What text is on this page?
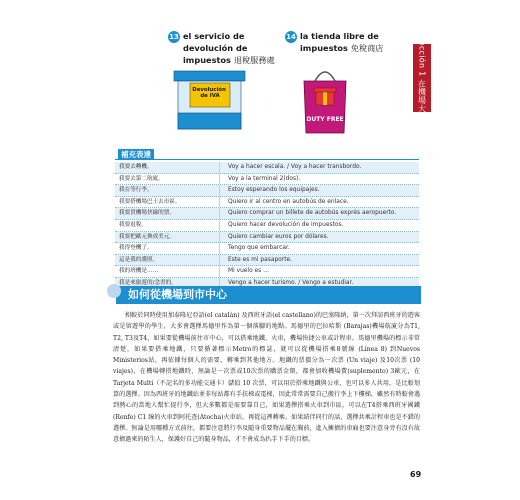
13 el servicio de devolución de impuestos 退稅服務處
14 la tienda libre de impuestos 免稅商店
Devolución de IVA
DUTY FREE	Lección 1 在機場大廳
補充表達
我要去轉機。	Voy a hacer escala. / Voy a hacer transbordo.
我要去第二航廈。	Voy a la terminal 2(dos).
我在等行李。	Estoy esperando los equipajes.
我要搭機場巴士去市區。	Quiero ir al centro en autobús de enlace.
我要買機場快線的票。	Quiero comprar un billete de autobús exprés aeropuerto.
我要退稅。	Quiero hacer devolución de impuestos.
我要把歐元換成美元。	Quiero cambiar euros por dólares.
我得登機了。	Tengo que embarcar.
這是我的護照。	Este es mi pasaporte.
我的班機是……	Mi vuelo es …
我是來旅遊的/念書的。	Vengo a hacer turismo. / Vengo a estudiar.
如何從機場到市中心

相較於同時使用加泰隆尼亞語(el catalán) 及西班牙語(el castellano)的巴塞隆納，第一次拜訪西班牙的遊客或是留遊學的學生，大多會選擇馬德里作為第一個落腳的地點。馬德里的巴拉哈斯 (Barajas)機場航廈分為T1, T2, T3及T4，如果要從機場前往市中心，可以搭乘地鐵、火車，機場快捷公車或計程車。馬德里機場的標示非常清楚，如果要搭乘地鐵，只要循著標示Metro的標誌，就可以從機場搭乘8號線 (Línea 8) 到Nuevos Ministerios站，再依據每個人的需要，轉乘到其他地方。地鐵的票價分為一次票 (Un viaje) 及10次票 (10 viajes)，在機場轉搭地鐵時，無論是一次票或10次票的購票金額，都會加收機場費(suplemento) 3歐元，在 Tarjeta Multi（不記名的多功能交通卡）儲值 10 次票，可以用於搭乘地鐵與公車，也可以多人共用，是比較划算的選擇。因為西班牙的地鐵站並非每站都有手扶梯或電梯，因此常常需要自己搬行李上下樓梯，雖然有時較會遇到熱心的當地人幫忙提行李，但大多數都是需要靠自己，如果選擇搭乘火車到市區，可以在T4搭乘西班牙國鐵(Renfe) C1 線的火車到阿托查(Atocha)火車站，再從這裡轉乘。如果結伴同行的話，選擇共乘計程車也是不錯的選擇。無論是用哪種方式前往，都要注意將行李及隨身重要物品擺在胸前，進入擁擠的車廂也要注意身旁有沒有故意擠過來的陌生人，保護好自己的隨身物品，才不會成為扒手下手的目標。

69
